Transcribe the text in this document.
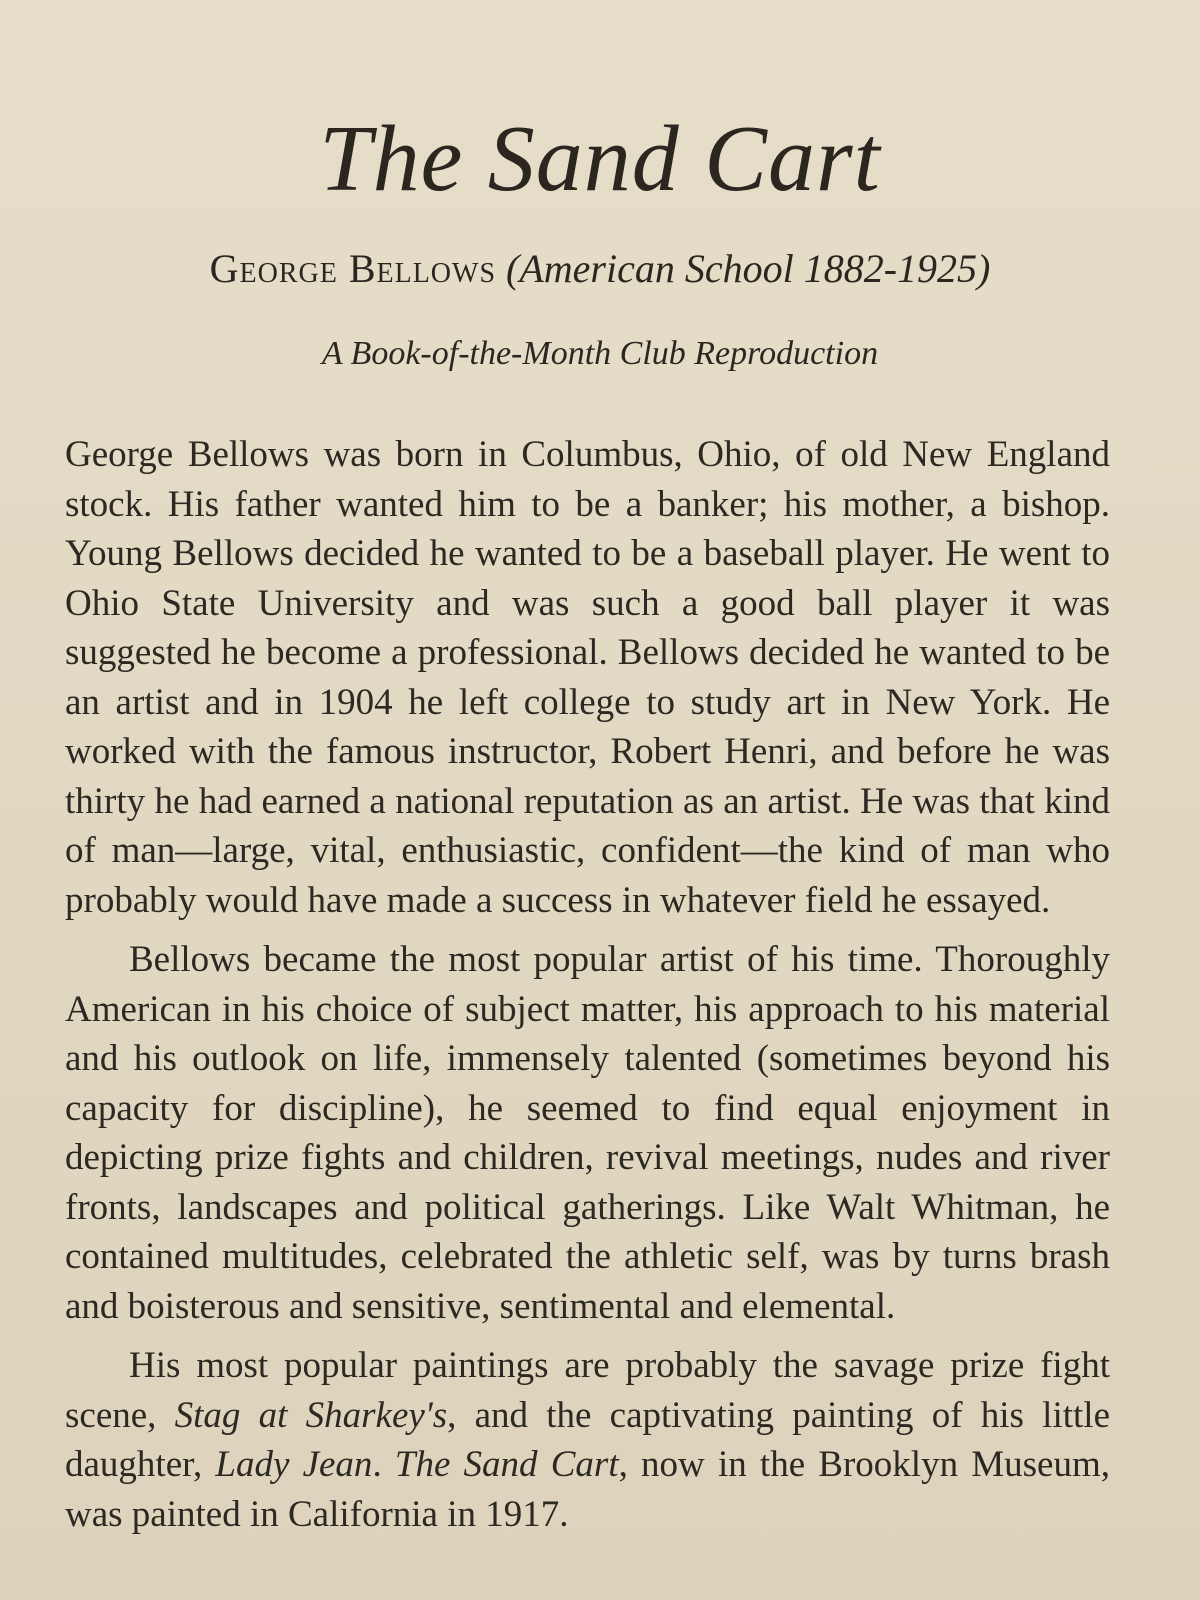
The Sand Cart
George Bellows (American School 1882-1925)
A Book-of-the-Month Club Reproduction

George Bellows was born in Columbus, Ohio, of old New England stock. His father wanted him to be a banker; his mother, a bishop. Young Bellows decided he wanted to be a baseball player. He went to Ohio State University and was such a good ball player it was suggested he become a professional. Bellows decided he wanted to be an artist and in 1904 he left college to study art in New York. He worked with the famous instructor, Robert Henri, and before he was thirty he had earned a national reputation as an artist. He was that kind of man—large, vital, enthusiastic, confident—the kind of man who probably would have made a success in whatever field he essayed.

Bellows became the most popular artist of his time. Thoroughly American in his choice of subject matter, his approach to his material and his outlook on life, immensely talented (sometimes beyond his capacity for discipline), he seemed to find equal enjoyment in depicting prize fights and children, revival meetings, nudes and river fronts, landscapes and political gatherings. Like Walt Whitman, he contained multitudes, celebrated the athletic self, was by turns brash and boisterous and sensitive, sentimental and elemental.

His most popular paintings are probably the savage prize fight scene, Stag at Sharkey's, and the captivating painting of his little daughter, Lady Jean. The Sand Cart, now in the Brooklyn Museum, was painted in California in 1917.
